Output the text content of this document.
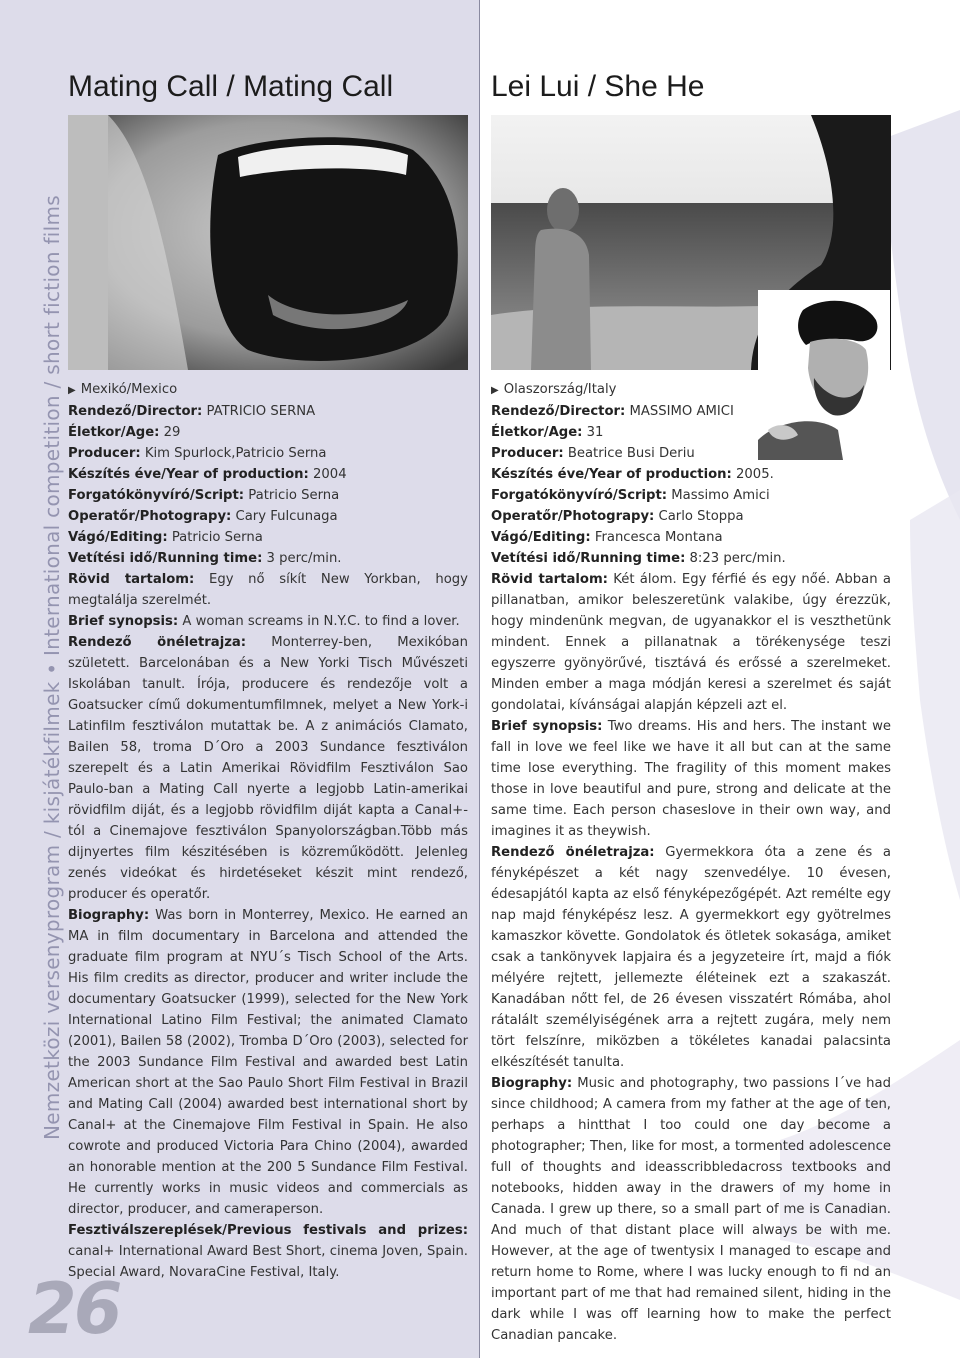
Nemzetközi versenyprogram / kisjátékfilmek • International competition / short fiction films
26
Mating Call / Mating Call

▶ Mexikó/Mexico

Rendező/Director: PATRICIO SERNA

Életkor/Age: 29

Producer: Kim Spurlock,Patricio Serna

Készítés éve/Year of production: 2004

Forgatókönyvíró/Script: Patricio Serna

Operatőr/Photograpy: Cary Fulcunaga

Vágó/Editing: Patricio Serna

Vetítési idő/Running time: 3 perc/min.

Rövid tartalom: Egy nő síkít New Yorkban, hogy megtalálja szerelmét.

Brief synopsis: A woman screams in N.Y.C. to find a lover.

Rendező önéletrajza: Monterrey-ben, Mexikóban született. Barcelonában és a New Yorki Tisch Művészeti Iskolában tanult. Írója, producere és rendezője volt a Goatsucker című dokumentumfilmnek, melyet a New York-i Latinfilm fesztiválon mutattak be. A z animációs Clamato, Bailen 58, troma D´Oro a 2003 Sundance fesztiválon szerepelt és a Latin Amerikai Rövidfilm Fesztiválon Sao Paulo-ban a Mating Call nyerte a legjobb Latin-amerikai rövidfilm diját, és a legjobb rövidfilm diját kapta a Canal+-tól a Cinemajove fesztiválon Spanyolországban.Több más dijnyertes film készitésében is közreműködött. Jelenleg zenés videókat és hirdetéseket készit mint rendező, producer és operatőr.

Biography: Was born in Monterrey, Mexico. He earned an MA in film documentary in Barcelona and attended the graduate film program at NYU´s Tisch School of the Arts. His film credits as director, producer and writer include the documentary Goatsucker (1999), selected for the New York International Latino Film Festival; the animated Clamato (2001), Bailen 58 (2002), Tromba D´Oro (2003), selected for the 2003 Sundance Film Festival and awarded best Latin American short at the Sao Paulo Short Film Festival in Brazil and Mating Call (2004) awarded best international short by Canal+ at the Cinemajove Film Festival in Spain. He also cowrote and produced Victoria Para Chino (2004), awarded an honorable mention at the 200 5 Sundance Film Festival. He currently works in music videos and commercials as director, producer, and cameraperson.

Fesztiválszereplések/Previous festivals and prizes: canal+ International Award Best Short, cinema Joven, Spain. Special Award, NovaraCine Festival, Italy.

Lei Lui / She He

▶ Olaszország/Italy

Rendező/Director: MASSIMO AMICI

Életkor/Age: 31

Producer: Beatrice Busi Deriu

Készítés éve/Year of production: 2005.

Forgatókönyvíró/Script: Massimo Amici

Operatőr/Photograpy: Carlo Stoppa

Vágó/Editing: Francesca Montana

Vetítési idő/Running time: 8:23 perc/min.

Rövid tartalom: Két álom. Egy férfié és egy nőé. Abban a pillanatban, amikor beleszeretünk valakibe, úgy érezzük, hogy mindenünk megvan, de ugyanakkor el is veszthetünk mindent. Ennek a pillanatnak a törékenysége teszi egyszerre gyönyörűvé, tisztává és erőssé a szerelmeket. Minden ember a maga módján keresi a szerelmet és saját gondolatai, kívánságai alapján képzeli azt el.

Brief synopsis: Two dreams. His and hers. The instant we fall in love we feel like we have it all but can at the same time lose everything. The fragility of this moment makes those in love beautiful and pure, strong and delicate at the same time. Each person chaseslove in their own way, and imagines it as theywish.

Rendező önéletrajza: Gyermekkora óta a zene és a fényképészet a két nagy szenvedélye. 10 évesen, édesapjától kapta az első fényképezőgépét. Azt remélte egy nap majd fényképész lesz. A gyermekkort egy gyötrelmes kamaszkor követte. Gondolatok és ötletek sokasága, amiket csak a tankönyvek lapjaira és a jegyzeteire írt, majd a fiók mélyére rejtett, jellemezte éléteinek ezt a szakaszát. Kanadában nőtt fel, de 26 évesen visszatért Rómába, ahol rátalált személyiségének arra a rejtett zugára, mely nem tört felszínre, miközben a tökéletes kanadai palacsinta elkészítését tanulta.

Biography: Music and photography, two passions I´ve had since childhood; A camera from my father at the age of ten, perhaps a hintthat I too could one day become a photographer; Then, like for most, a tormented adolescence full of thoughts and ideasscribbledacross textbooks and notebooks, hidden away in the drawers of my home in Canada. I grew up there, so a small part of me is Canadian. And much of that distant place will always be with me. However, at the age of twentysix I managed to escape and return home to Rome, where I was lucky enough to fi nd an important part of me that had remained silent, hiding in the dark while I was off learning how to make the perfect Canadian pancake.
